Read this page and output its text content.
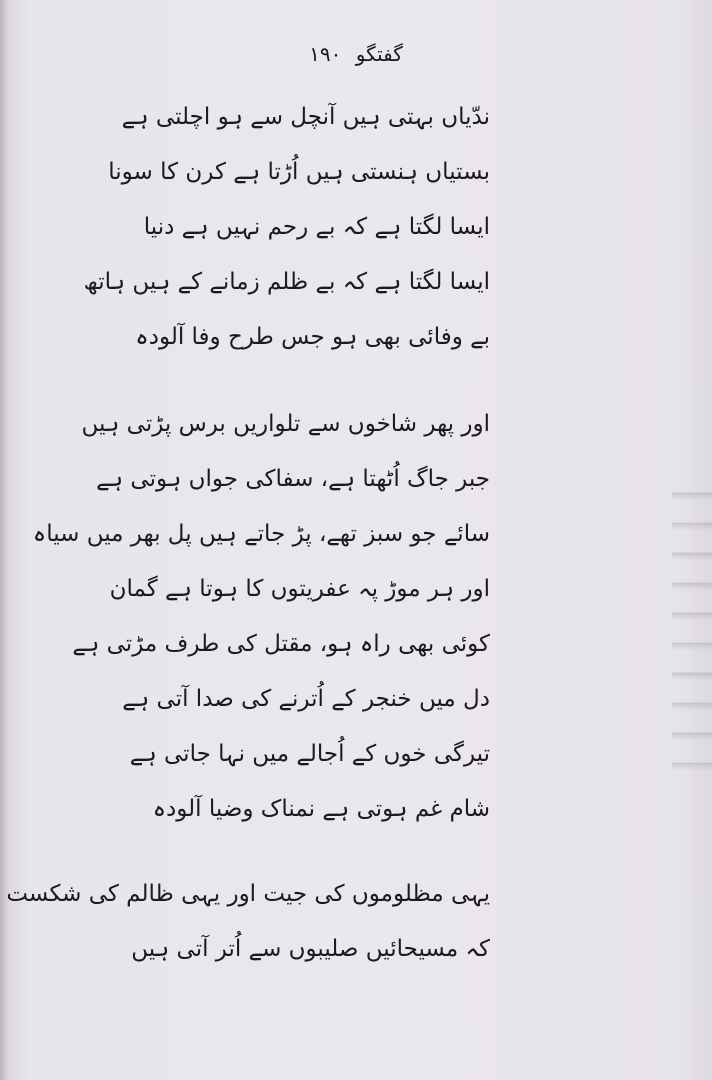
گفتگو ۱۹۰
ندّیاں بہتی ہیں آنچل سے ہو اچلتی ہے
بستیاں ہنستی ہیں اُڑتا ہے کرن کا سونا
ایسا لگتا ہے کہ بے رحم نہیں ہے دنیا
ایسا لگتا ہے کہ بے ظلم زمانے کے ہیں ہاتھ
بے وفائی بھی ہو جس طرح وفا آلودہ
اور پھر شاخوں سے تلواریں برس پڑتی ہیں
جبر جاگ اُٹھتا ہے، سفاکی جواں ہوتی ہے
سائے جو سبز تھے، پڑ جاتے ہیں پل بھر میں سیاہ
اور ہر موڑ پہ عفریتوں کا ہوتا ہے گمان
کوئی بھی راہ ہو، مقتل کی طرف مڑتی ہے
دل میں خنجر کے اُترنے کی صدا آتی ہے
تیرگی خوں کے اُجالے میں نہا جاتی ہے
شام غم ہوتی ہے نمناک وضیا آلودہ
یہی مظلوموں کی جیت اور یہی ظالم کی شکست
کہ مسیحائیں صلیبوں سے اُتر آتی ہیں
